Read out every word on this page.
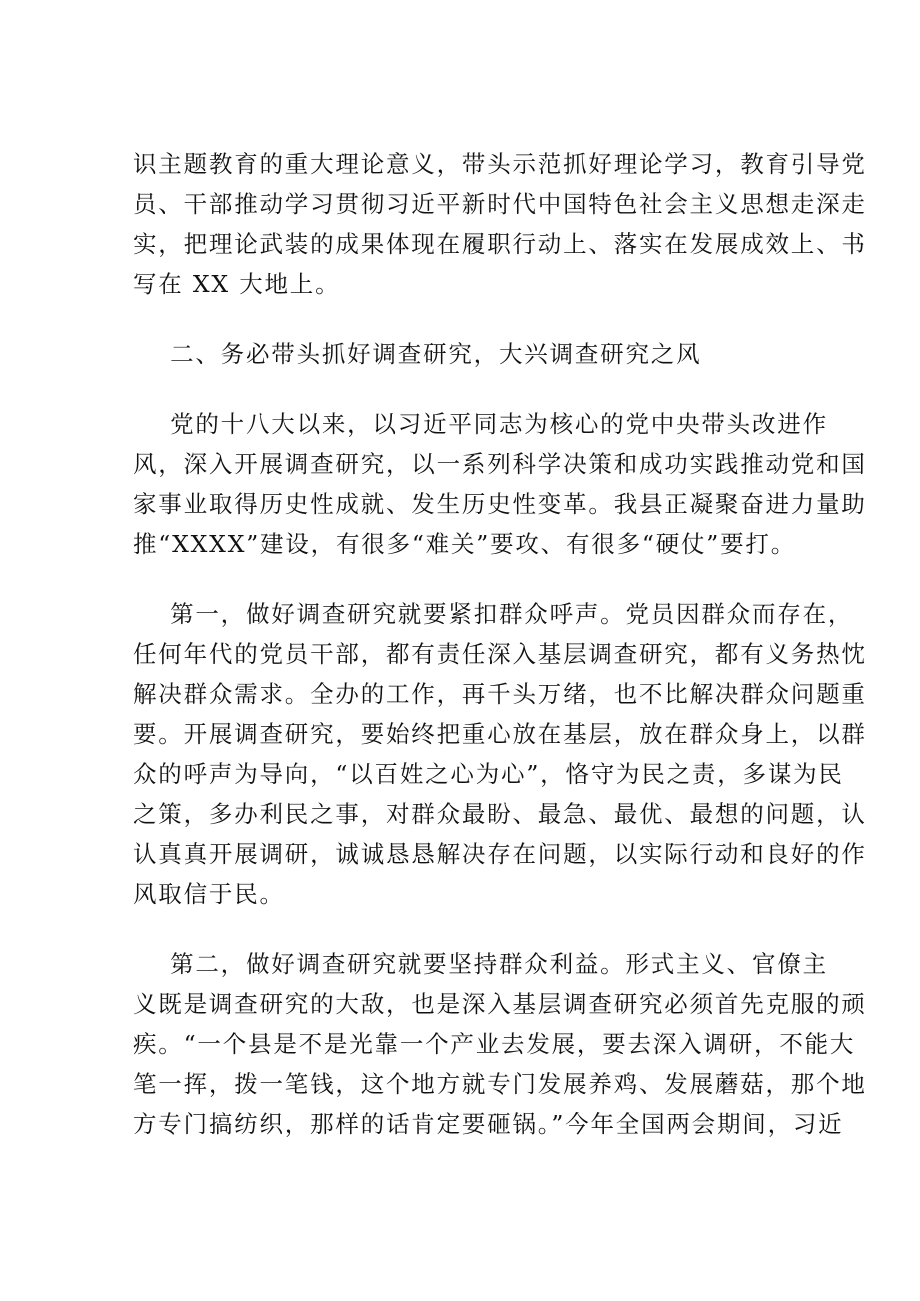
识主题教育的重大理论意义，带头示范抓好理论学习，教育引导党
员、干部推动学习贯彻习近平新时代中国特色社会主义思想走深走
实，把理论武装的成果体现在履职行动上、落实在发展成效上、书
写在 XX 大地上。
二、务必带头抓好调查研究，大兴调查研究之风
党的十八大以来，以习近平同志为核心的党中央带头改进作
风，深入开展调查研究，以一系列科学决策和成功实践推动党和国
家事业取得历史性成就、发生历史性变革。我县正凝聚奋进力量助
推“XXXX”建设，有很多“难关”要攻、有很多“硬仗”要打。
第一，做好调查研究就要紧扣群众呼声。党员因群众而存在，
任何年代的党员干部，都有责任深入基层调查研究，都有义务热忱
解决群众需求。全办的工作，再千头万绪，也不比解决群众问题重
要。开展调查研究，要始终把重心放在基层，放在群众身上，以群
众的呼声为导向，“以百姓之心为心”，恪守为民之责，多谋为民
之策，多办利民之事，对群众最盼、最急、最优、最想的问题，认
认真真开展调研，诚诚恳恳解决存在问题，以实际行动和良好的作
风取信于民。
第二，做好调查研究就要坚持群众利益。形式主义、官僚主
义既是调查研究的大敌，也是深入基层调查研究必须首先克服的顽
疾。“一个县是不是光靠一个产业去发展，要去深入调研，不能大
笔一挥，拨一笔钱，这个地方就专门发展养鸡、发展蘑菇，那个地
方专门搞纺织，那样的话肯定要砸锅。”今年全国两会期间，习近
